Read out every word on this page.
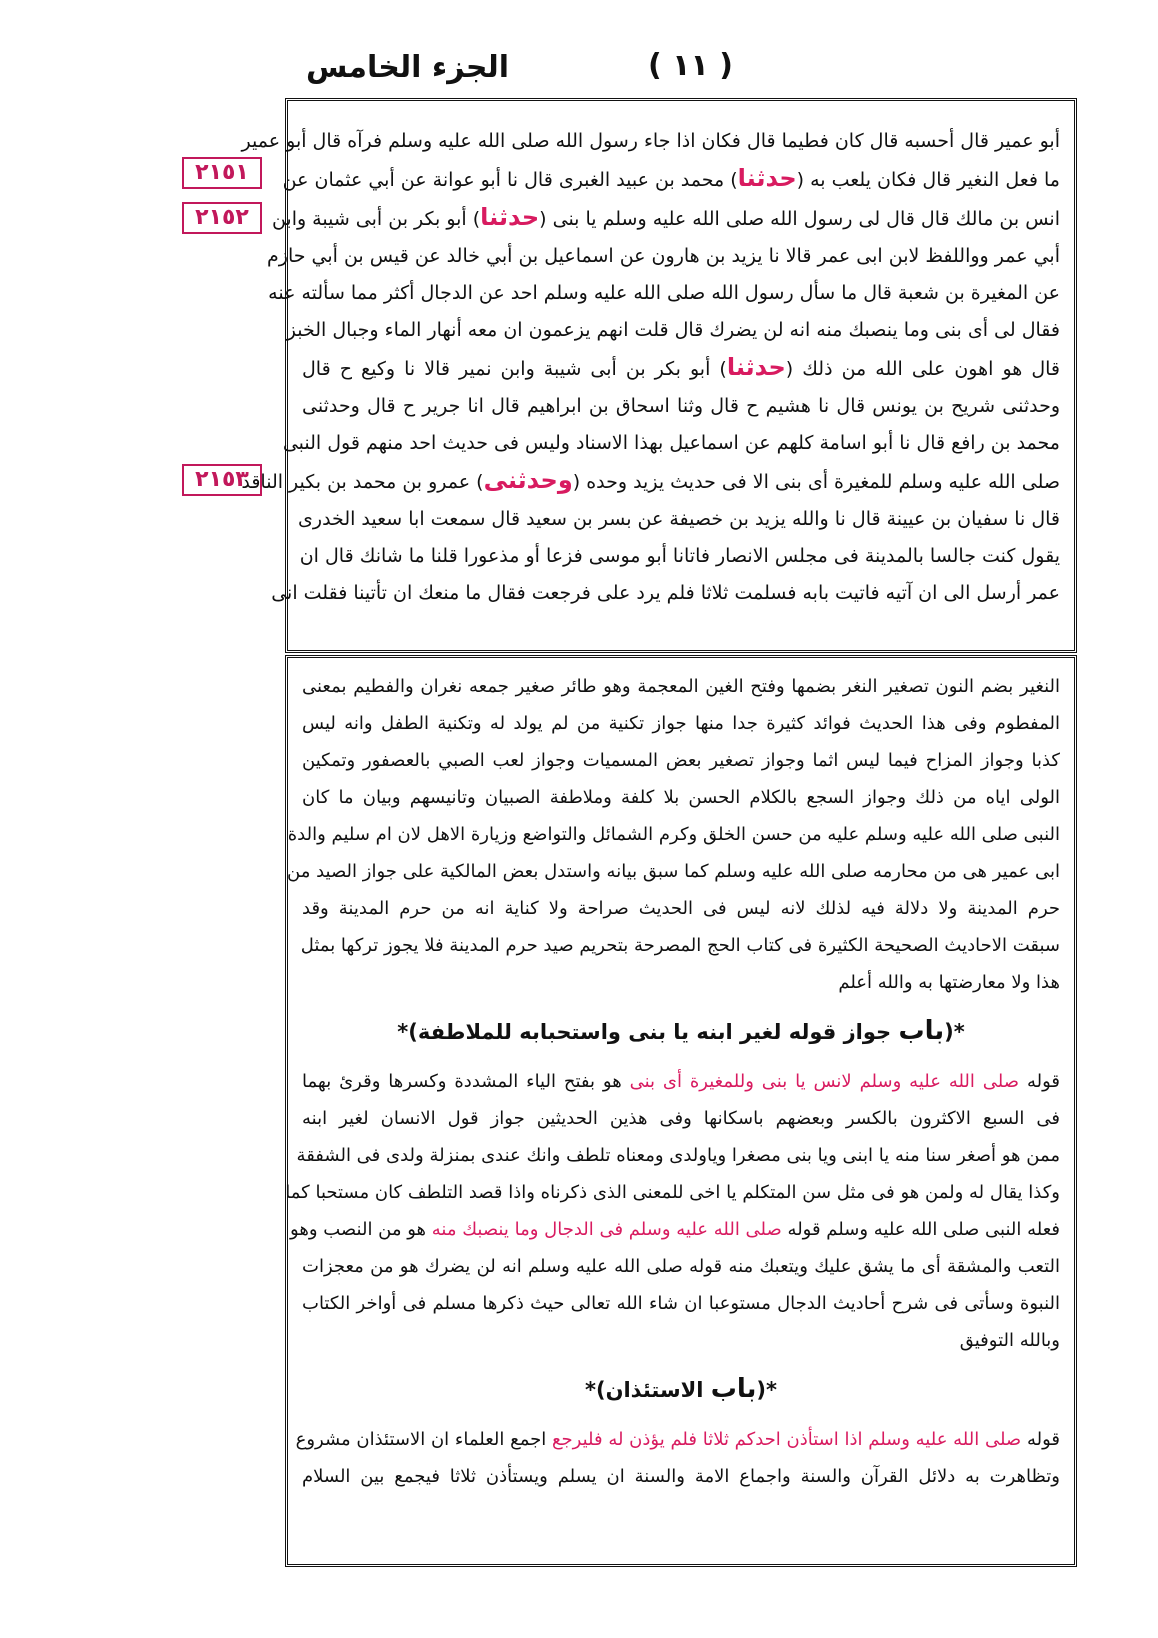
الجزء الخامس	( ١١ )
٢١٥١
٢١٥٢
٢١٥٣
أبو عمير قال أحسبه قال كان فطيما قال فكان اذا جاء رسول الله صلى الله عليه وسلم فرآه قال أبو عمير
ما فعل النغير قال فكان يلعب به (حدثنا) محمد بن عبيد الغبرى قال نا أبو عوانة عن أبي عثمان عن
انس بن مالك قال قال لى رسول الله صلى الله عليه وسلم يا بنى (حدثنا) أبو بكر بن أبى شيبة وابن
أبي عمر وواللفظ لابن ابى عمر قالا نا يزيد بن هارون عن اسماعيل بن أبي خالد عن قيس بن أبي حازم
عن المغيرة بن شعبة قال ما سأل رسول الله صلى الله عليه وسلم احد عن الدجال أكثر مما سألته عنه
فقال لى أى بنى وما ينصبك منه انه لن يضرك قال قلت انهم يزعمون ان معه أنهار الماء وجبال الخبز
قال هو اهون على الله من ذلك (حدثنا) أبو بكر بن أبى شيبة وابن نمير قالا نا وكيع ح قال
وحدثنى شريح بن يونس قال نا هشيم ح قال وثنا اسحاق بن ابراهيم قال انا جرير ح قال وحدثنى
محمد بن رافع قال نا أبو اسامة كلهم عن اسماعيل بهذا الاسناد وليس فى حديث احد منهم قول النبى
صلى الله عليه وسلم للمغيرة أى بنى الا فى حديث يزيد وحده (وحدثنى) عمرو بن محمد بن بكير الناقد
قال نا سفيان بن عيينة قال نا والله يزيد بن خصيفة عن بسر بن سعيد قال سمعت ابا سعيد الخدرى
يقول كنت جالسا بالمدينة فى مجلس الانصار فاتانا أبو موسى فزعا أو مذعورا قلنا ما شانك قال ان
عمر أرسل الى ان آتيه فاتيت بابه فسلمت ثلاثا فلم يرد على فرجعت فقال ما منعك ان تأتينا فقلت انى
النغير بضم النون تصغير النغر بضمها وفتح الغين المعجمة وهو طائر صغير جمعه نغران والفطيم بمعنى
المفطوم وفى هذا الحديث فوائد كثيرة جدا منها جواز تكنية من لم يولد له وتكنية الطفل وانه ليس
كذبا وجواز المزاح فيما ليس اثما وجواز تصغير بعض المسميات وجواز لعب الصبي بالعصفور وتمكين
الولى اياه من ذلك وجواز السجع بالكلام الحسن بلا كلفة وملاطفة الصبيان وتانيسهم وبيان ما كان
النبى صلى الله عليه وسلم عليه من حسن الخلق وكرم الشمائل والتواضع وزيارة الاهل لان ام سليم والدة
ابى عمير هى من محارمه صلى الله عليه وسلم كما سبق بيانه واستدل بعض المالكية على جواز الصيد من
حرم المدينة ولا دلالة فيه لذلك لانه ليس فى الحديث صراحة ولا كناية انه من حرم المدينة وقد
سبقت الاحاديث الصحيحة الكثيرة فى كتاب الحج المصرحة بتحريم صيد حرم المدينة فلا يجوز تركها بمثل
هذا ولا معارضتها به والله أعلم
*(باب جواز قوله لغير ابنه يا بنى واستحبابه للملاطفة)*
قوله صلى الله عليه وسلم لانس يا بنى وللمغيرة أى بنى هو بفتح الياء المشددة وكسرها وقرئ بهما
فى السبع الاكثرون بالكسر وبعضهم باسكانها وفى هذين الحديثين جواز قول الانسان لغير ابنه
ممن هو أصغر سنا منه يا ابنى ويا بنى مصغرا وياولدى ومعناه تلطف وانك عندى بمنزلة ولدى فى الشفقة
وكذا يقال له ولمن هو فى مثل سن المتكلم يا اخى للمعنى الذى ذكرناه واذا قصد التلطف كان مستحبا كما
فعله النبى صلى الله عليه وسلم قوله صلى الله عليه وسلم فى الدجال وما ينصبك منه هو من النصب وهو
التعب والمشقة أى ما يشق عليك ويتعبك منه قوله صلى الله عليه وسلم انه لن يضرك هو من معجزات
النبوة وسأتى فى شرح أحاديث الدجال مستوعبا ان شاء الله تعالى حيث ذكرها مسلم فى أواخر الكتاب
وبالله التوفيق
*(باب الاستئذان)*
قوله صلى الله عليه وسلم اذا استأذن احدكم ثلاثا فلم يؤذن له فليرجع اجمع العلماء ان الاستئذان مشروع
وتظاهرت به دلائل القرآن والسنة واجماع الامة والسنة ان يسلم ويستأذن ثلاثا فيجمع بين السلام
